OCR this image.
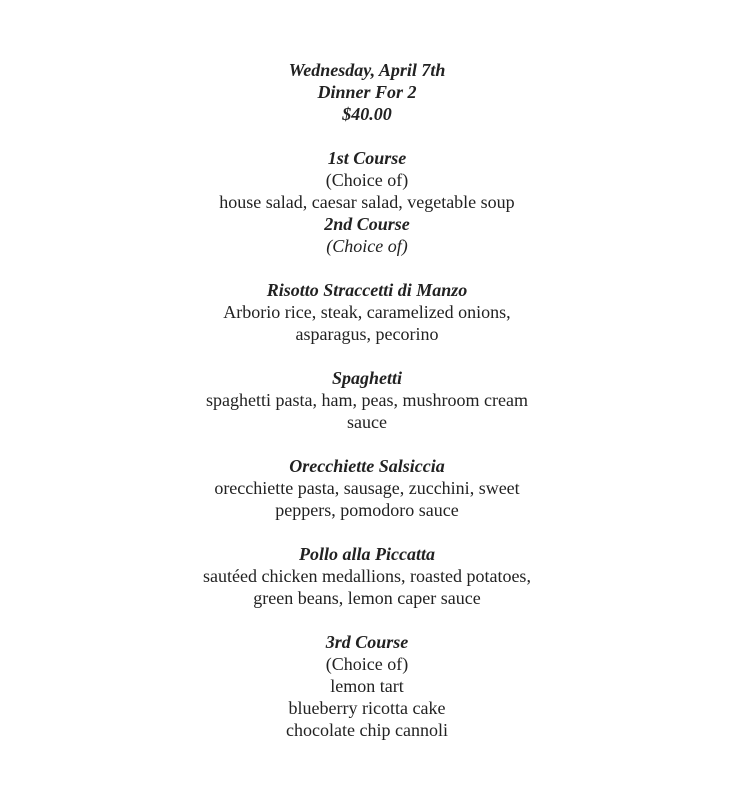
Wednesday, April 7th
Dinner For 2
$40.00
1st Course
(Choice of)
house salad, caesar salad, vegetable soup
2nd Course
(Choice of)
Risotto Straccetti di Manzo
Arborio rice, steak, caramelized onions,
asparagus, pecorino
Spaghetti
spaghetti pasta, ham, peas, mushroom cream
sauce
Orecchiette Salsiccia
orecchiette pasta, sausage, zucchini, sweet
peppers, pomodoro sauce
Pollo alla Piccatta
sautéed chicken medallions, roasted potatoes,
green beans, lemon caper sauce
3rd Course
(Choice of)
lemon tart
blueberry ricotta cake
chocolate chip cannoli
